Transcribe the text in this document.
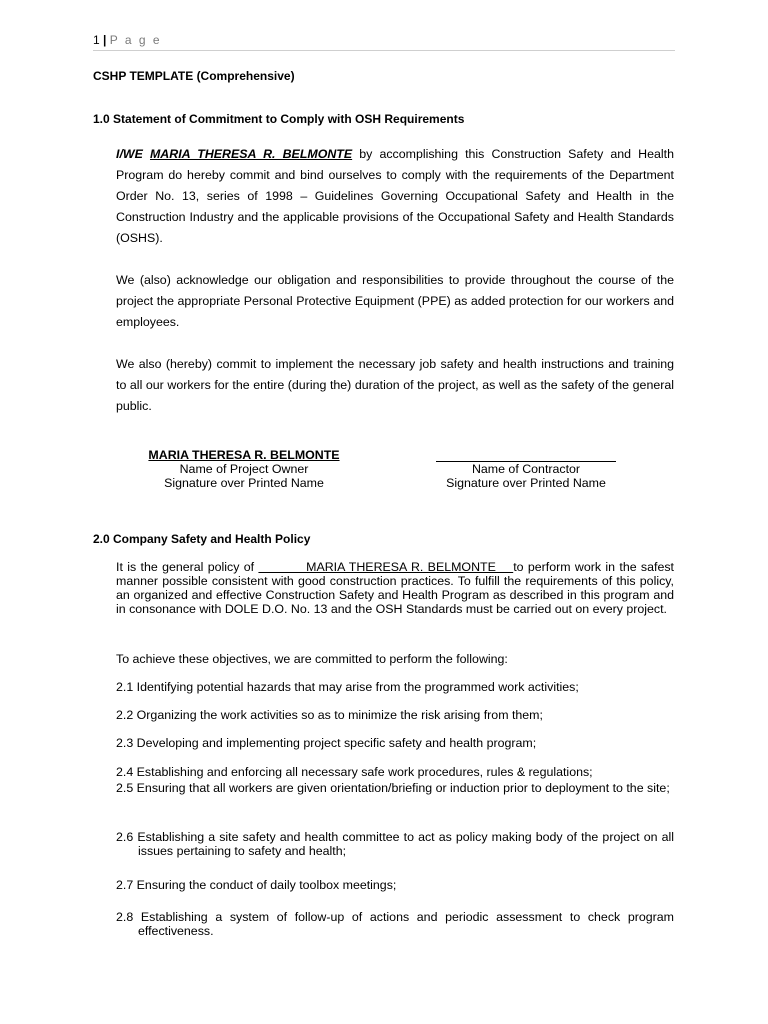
1 | P a g e
CSHP TEMPLATE (Comprehensive)
1.0 Statement of Commitment to Comply with OSH Requirements
I/WE MARIA THERESA R. BELMONTE by accomplishing this Construction Safety and Health Program do hereby commit and bind ourselves to comply with the requirements of the Department Order No. 13, series of 1998 – Guidelines Governing Occupational Safety and Health in the Construction Industry and the applicable provisions of the Occupational Safety and Health Standards (OSHS).
We (also) acknowledge our obligation and responsibilities to provide throughout the course of the project the appropriate Personal Protective Equipment (PPE) as added protection for our workers and employees.
We also (hereby) commit to implement the necessary job safety and health instructions and training to all our workers for the entire (during the) duration of the project, as well as the safety of the general public.
MARIA THERESA R. BELMONTE
Name of Project Owner
Signature over Printed Name
Name of Contractor
Signature over Printed Name
2.0 Company Safety and Health Policy
It is the general policy of            MARIA THERESA R. BELMONTE    to perform work in the safest manner possible consistent with good construction practices. To fulfill the requirements of this policy, an organized and effective Construction Safety and Health Program as described in this program and in consonance with DOLE D.O. No. 13 and the OSH Standards must be carried out on every project.
To achieve these objectives, we are committed to perform the following:
2.1 Identifying potential hazards that may arise from the programmed work activities;
2.2 Organizing the work activities so as to minimize the risk arising from them;
2.3 Developing and implementing project specific safety and health program;
2.4 Establishing and enforcing all necessary safe work procedures, rules & regulations;
2.5 Ensuring that all workers are given orientation/briefing or induction prior to deployment to the site;
2.6 Establishing a site safety and health committee to act as policy making body of the project on all issues pertaining to safety and health;
2.7 Ensuring the conduct of daily toolbox meetings;
2.8 Establishing a system of follow-up of actions and periodic assessment to check program effectiveness.
